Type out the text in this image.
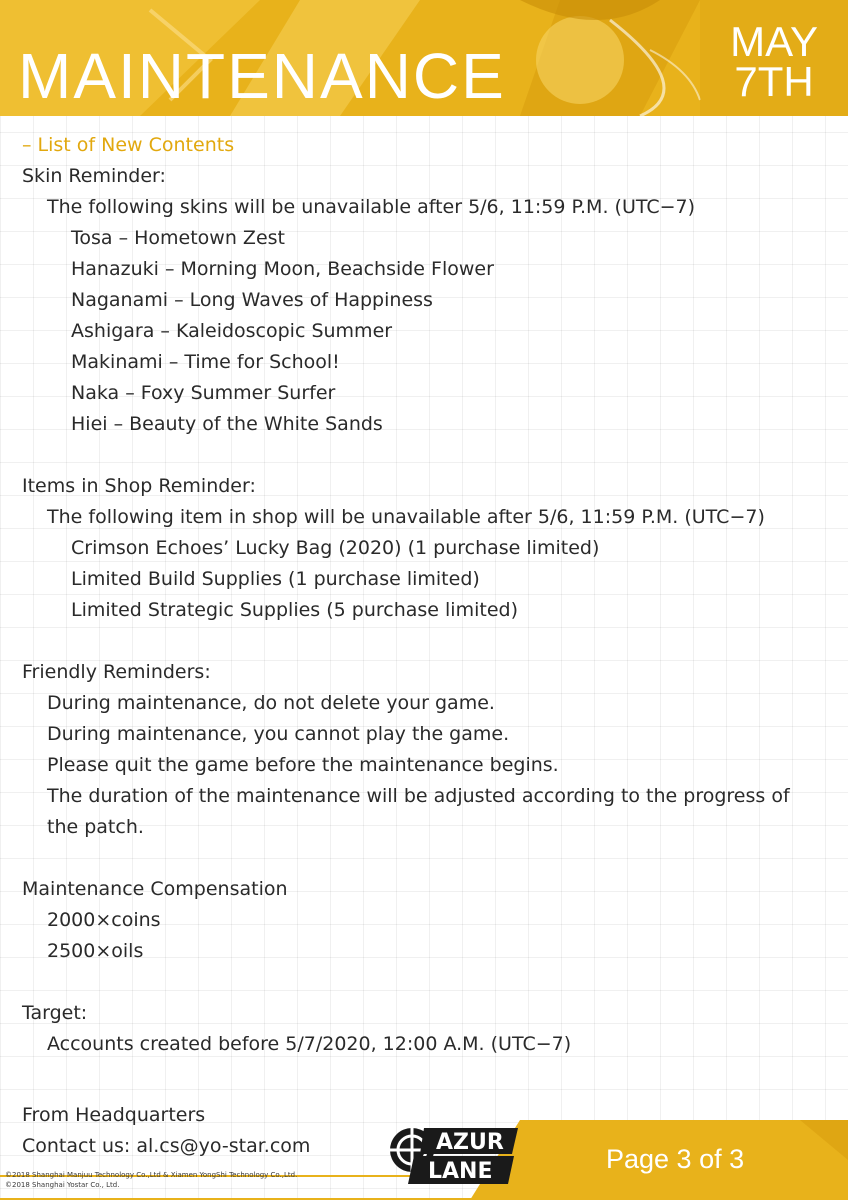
MAINTENANCE	MAY
7TH
– List of New Contents
Skin Reminder:
The following skins will be unavailable after 5/6, 11:59 P.M. (UTC−7)
Tosa – Hometown Zest
Hanazuki – Morning Moon, Beachside Flower
Naganami – Long Waves of Happiness
Ashigara – Kaleidoscopic Summer
Makinami – Time for School!
Naka – Foxy Summer Surfer
Hiei – Beauty of the White Sands
Items in Shop Reminder:
The following item in shop will be unavailable after 5/6, 11:59 P.M. (UTC−7)
Crimson Echoes’ Lucky Bag (2020) (1 purchase limited)
Limited Build Supplies (1 purchase limited)
Limited Strategic Supplies (5 purchase limited)
Friendly Reminders:
During maintenance, do not delete your game.
During maintenance, you cannot play the game.
Please quit the game before the maintenance begins.
The duration of the maintenance will be adjusted according to the progress of the patch.
Maintenance Compensation
2000×coins
2500×oils
Target:
Accounts created before 5/7/2020, 12:00 A.M. (UTC−7)
From Headquarters
Contact us: al.cs@yo-star.com
©2018 Shanghai Manjuu Technology Co.,Ltd & Xiamen YongShi Technology Co.,Ltd.
©2018 Shanghai Yostar Co., Ltd.
AZUR
LANE	Page 3 of 3
